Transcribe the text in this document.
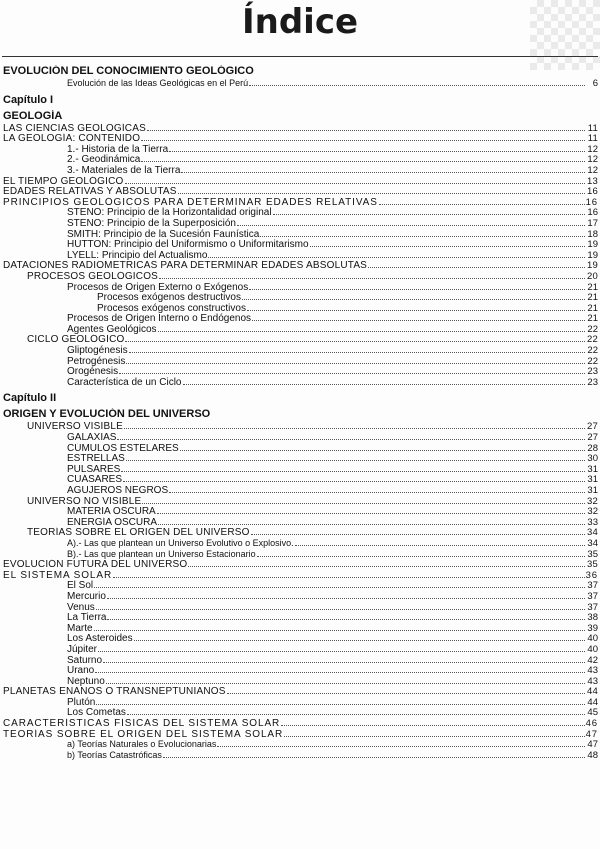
Índice
EVOLUCIÓN DEL CONOCIMIENTO GEOLÓGICO
Evolución de las Ideas Geológicas en el Perú	6
Capítulo I
GEOLOGÍA
LAS CIENCIAS GEOLOGÍCAS	11
LA GEOLOGÍA: CONTENIDO	11
1.- Historia de la Tierra	12
2.- Geodinámica	12
3.- Materiales de la Tierra	12
EL TIEMPO GEOLÓGICO	13
EDADES RELATIVAS Y ABSOLUTAS	16
PRINCIPIOS GEOLÓGICOS PARA DETERMINAR EDADES RELATIVAS	16
STENO: Principio de la Horizontalidad original	16
STENO: Principio de la Superposición	17
SMITH: Principio de la Sucesión Faunística	18
HUTTON: Principio del Uniformismo o Uniformitarismo	19
LYELL: Principio del Actualismo	19
DATACIONES RADIOMETRICAS PARA DETERMINAR EDADES ABSOLUTAS	19
PROCESOS GEOLÓGICOS	20
Procesos de Origen Externo o Exógenos	21
Procesos exógenos destructivos	21
Procesos exógenos constructivos	21
Procesos de Origen Interno o Endógenos	21
Agentes Geológicos	22
CICLO GEOLÓGICO	22
Gliptogénesis	22
Petrogénesis	22
Orogénesis	23
Característica de un Ciclo	23
Capítulo II
ORIGEN Y EVOLUCIÓN DEL UNIVERSO
UNIVERSO VISIBLE	27
GALAXIAS	27
CÚMULOS ESTELARES	28
ESTRELLAS	30
PULSARES	31
CUÁSARES	31
AGUJEROS NEGROS	31
UNIVERSO NO VISIBLE	32
MATERIA OSCURA	32
ENERGÍA OSCURA	33
TEORÍAS SOBRE EL ORIGEN DEL UNIVERSO	34
A).- Las que plantean un Universo Evolutivo o Explosivo.	34
B).- Las que plantean un Universo Estacionario	35
EVOLUCIÓN FUTURA DEL UNIVERSO	35
EL SISTEMA SOLAR	36
El Sol	37
Mercurio	37
Venus	37
La Tierra	38
Marte	39
Los Asteroides	40
Júpiter	40
Saturno	42
Urano	43
Neptuno	43
PLANETAS ENANOS O TRANSNEPTUNIANOS	44
Plutón	44
Los Cometas	45
CARACTERÍSTICAS FÍSICAS DEL SISTEMA SOLAR	46
TEORÍAS SOBRE EL ORIGEN DEL SISTEMA SOLAR	47
a) Teorías Naturales o Evolucionarias	47
b) Teorías Catastróficas	48
